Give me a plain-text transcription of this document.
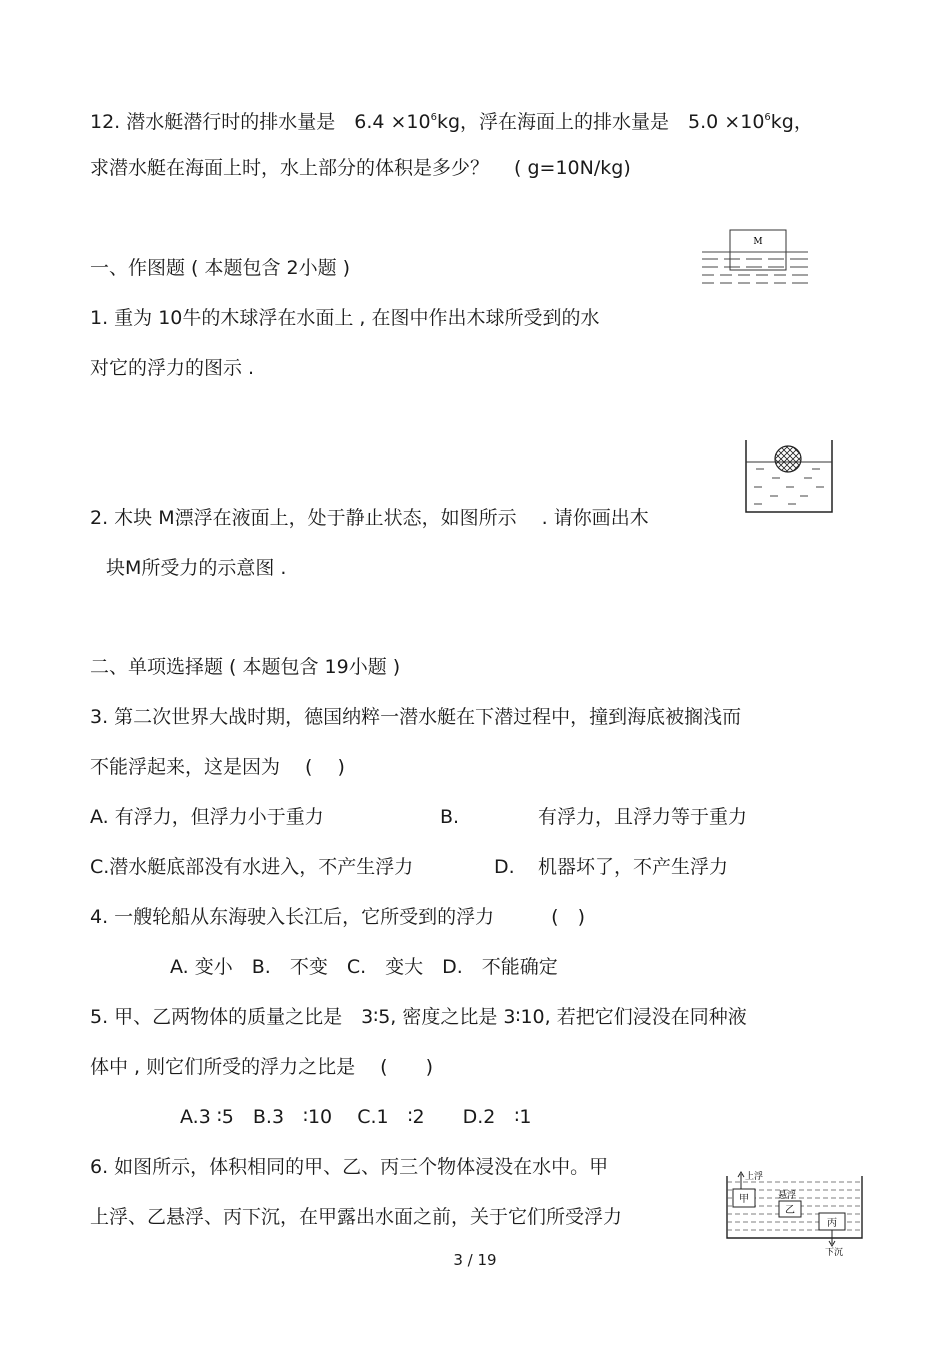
12. 潜水艇潜行时的排水量是　$6.4 \times 10^6kg$，浮在海面上的排水量是　$5.0 \times 10^6kg$，
求潜水艇在海面上时，水上部分的体积是多少？　 ( g=10N/kg)
一、作图题 ( 本题包含 2小题 )
1. 重为 10牛的木球浮在水面上 , 在图中作出木球所受到的水
对它的浮力的图示 .
M
2. 木块 M漂浮在液面上，处于静止状态，如图所示　 . 请你画出木
块M所受力的示意图 .
二、单项选择题 ( 本题包含 19小题 )
3. 第二次世界大战时期，德国纳粹一潜水艇在下潜过程中，撞到海底被搁浅而
不能浮起来，这是因为　 (　 )
A. 有浮力，但浮力小于重力	B.	有浮力，且浮力等于重力
C.潜水艇底部没有水进入，不产生浮力	D. 机器坏了，不产生浮力
4. 一艘轮船从东海驶入长江后，它所受到的浮力　　　(　)
A. 变小　B.　不变　C.　变大　D.　不能确定
5. 甲、乙两物体的质量之比是　3∶5, 密度之比是 3∶10, 若把它们浸没在同种液
体中 , 则它们所受的浮力之比是　 (　　)
A.3 ∶5　B.3　∶10　 C.1　∶2　　D.2　∶1
6. 如图所示，体积相同的甲、乙、丙三个物体浸没在水中。甲
上浮、乙悬浮、丙下沉，在甲露出水面之前，关于它们所受浮力
上浮
甲	悬浮
乙
丙
下沉
3 / 19
